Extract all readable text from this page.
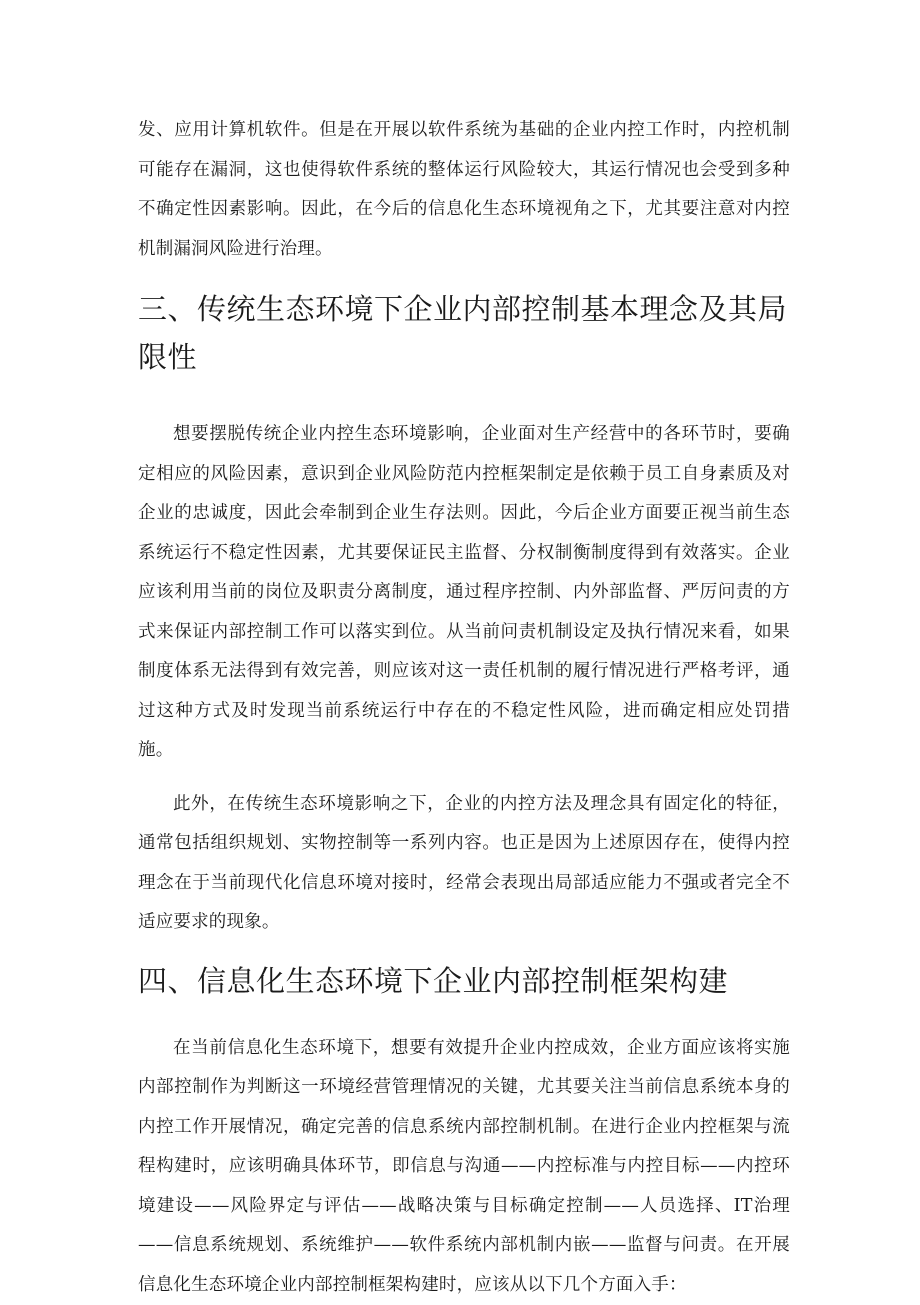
发、应用计算机软件。但是在开展以软件系统为基础的企业内控工作时，内控机制可能存在漏洞，这也使得软件系统的整体运行风险较大，其运行情况也会受到多种不确定性因素影响。因此，在今后的信息化生态环境视角之下，尤其要注意对内控机制漏洞风险进行治理。

三、传统生态环境下企业内部控制基本理念及其局限性

想要摆脱传统企业内控生态环境影响，企业面对生产经营中的各环节时，要确定相应的风险因素，意识到企业风险防范内控框架制定是依赖于员工自身素质及对企业的忠诚度，因此会牵制到企业生存法则。因此，今后企业方面要正视当前生态系统运行不稳定性因素，尤其要保证民主监督、分权制衡制度得到有效落实。企业应该利用当前的岗位及职责分离制度，通过程序控制、内外部监督、严厉问责的方式来保证内部控制工作可以落实到位。从当前问责机制设定及执行情况来看，如果制度体系无法得到有效完善，则应该对这一责任机制的履行情况进行严格考评，通过这种方式及时发现当前系统运行中存在的不稳定性风险，进而确定相应处罚措施。

此外，在传统生态环境影响之下，企业的内控方法及理念具有固定化的特征，通常包括组织规划、实物控制等一系列内容。也正是因为上述原因存在，使得内控理念在于当前现代化信息环境对接时，经常会表现出局部适应能力不强或者完全不适应要求的现象。

四、信息化生态环境下企业内部控制框架构建

在当前信息化生态环境下，想要有效提升企业内控成效，企业方面应该将实施内部控制作为判断这一环境经营管理情况的关键，尤其要关注当前信息系统本身的内控工作开展情况，确定完善的信息系统内部控制机制。在进行企业内控框架与流程构建时，应该明确具体环节，即信息与沟通——内控标准与内控目标——内控环境建设——风险界定与评估——战略决策与目标确定控制——人员选择、IT治理——信息系统规划、系统维护——软件系统内部机制内嵌——监督与问责。在开展信息化生态环境企业内部控制框架构建时，应该从以下几个方面入手：
